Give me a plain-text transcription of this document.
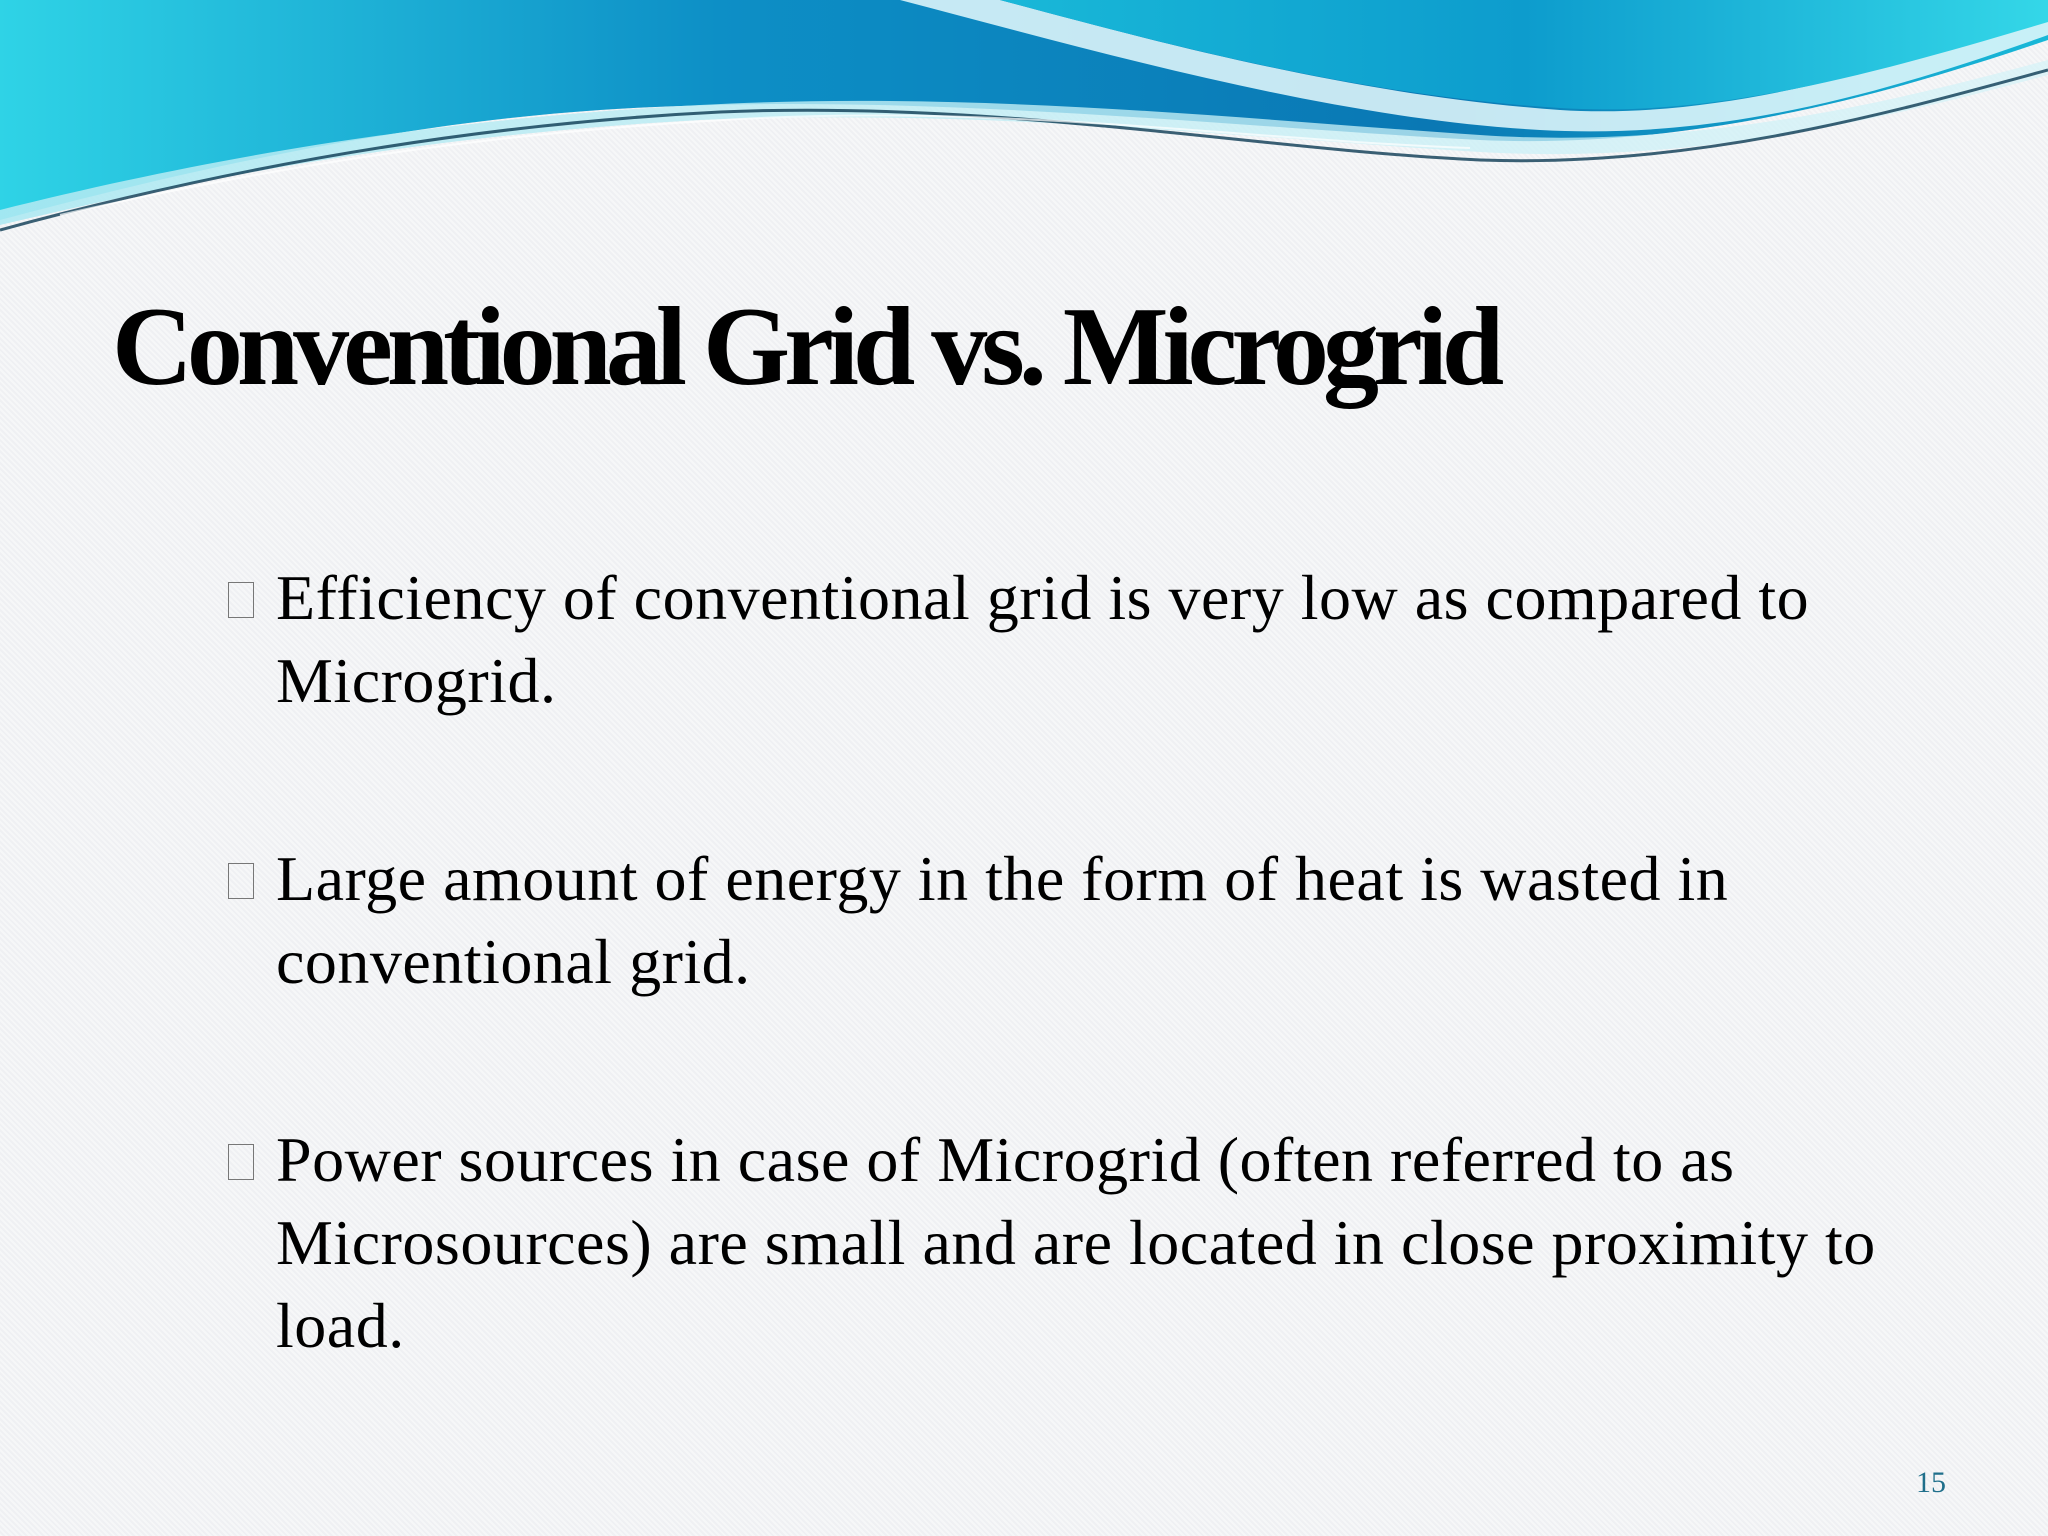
Conventional Grid vs. Microgrid
Efficiency of conventional grid is very low as compared to Microgrid.
Large amount of energy in the form of heat is wasted in conventional grid.
Power sources in case of Microgrid (often referred to as Microsources) are small and are located in close proximity to load.
15
